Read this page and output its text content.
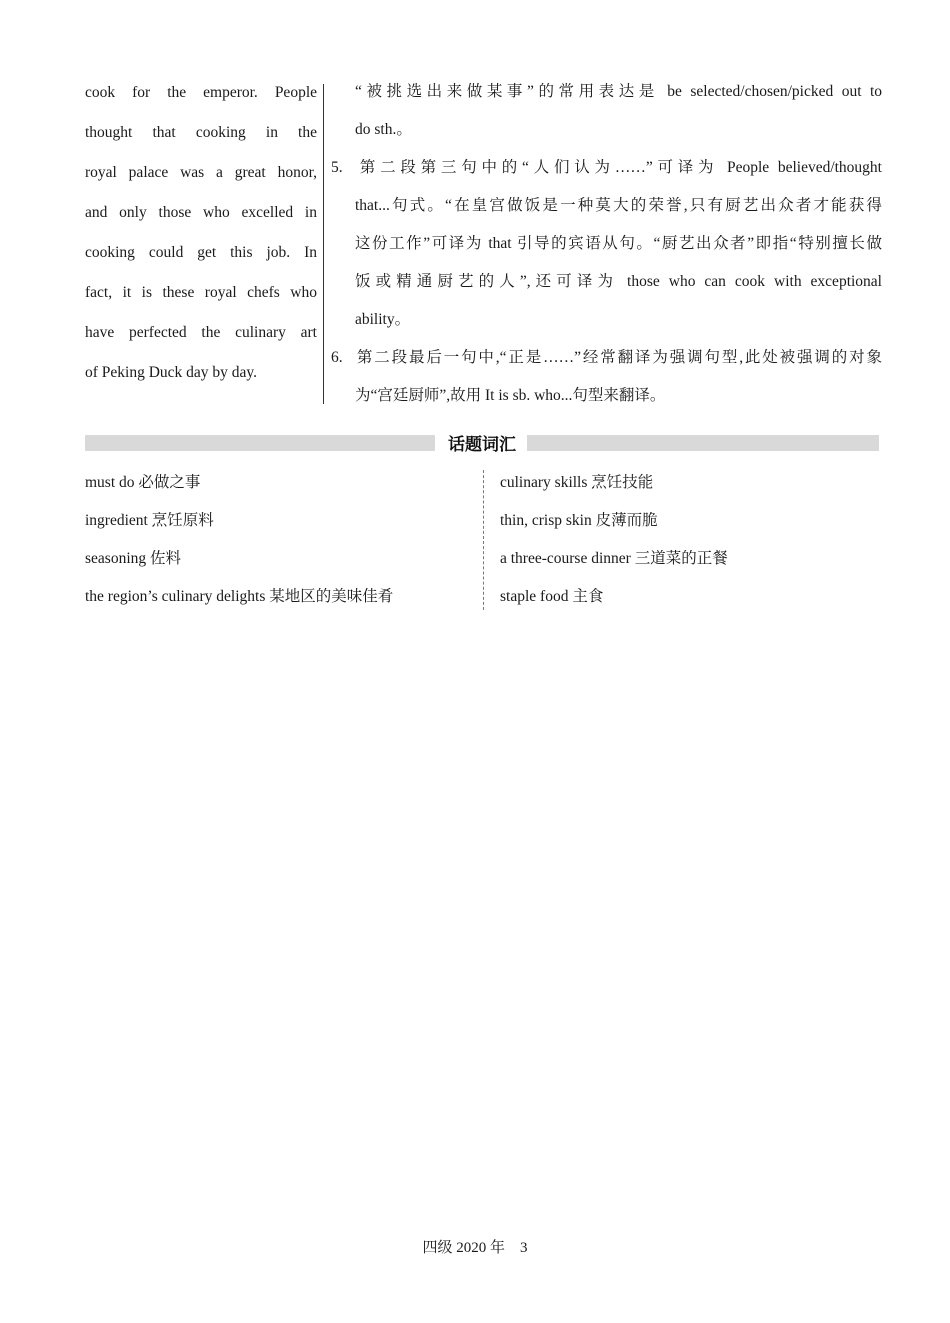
cook for the emperor. People
thought that cooking in the
royal palace was a great honor,
and only those who excelled in
cooking could get this job. In
fact, it is these royal chefs who
have perfected the culinary art
of Peking Duck day by day.
“被挑选出来做某事”的常用表达是 be selected/chosen/picked out to
do sth.。
5. 第二段第三句中的“人们认为……”可译为 People believed/thought
that...句式。“在皇宫做饭是一种莫大的荣誉,只有厨艺出众者才能获得
这份工作”可译为 that 引导的宾语从句。“厨艺出众者”即指“特别擅长做
饭或精通厨艺的人”,还可译为 those who can cook with exceptional
ability。
6. 第二段最后一句中,“正是……”经常翻译为强调句型,此处被强调的对象
为“宫廷厨师”,故用 It is sb. who...句型来翻译。
话题词汇
must do 必做之事
ingredient 烹饪原料
seasoning 佐料
the region’s culinary delights 某地区的美味佳肴
culinary skills 烹饪技能
thin, crisp skin 皮薄而脆
a three-course dinner 三道菜的正餐
staple food 主食
四级 2020 年 3
